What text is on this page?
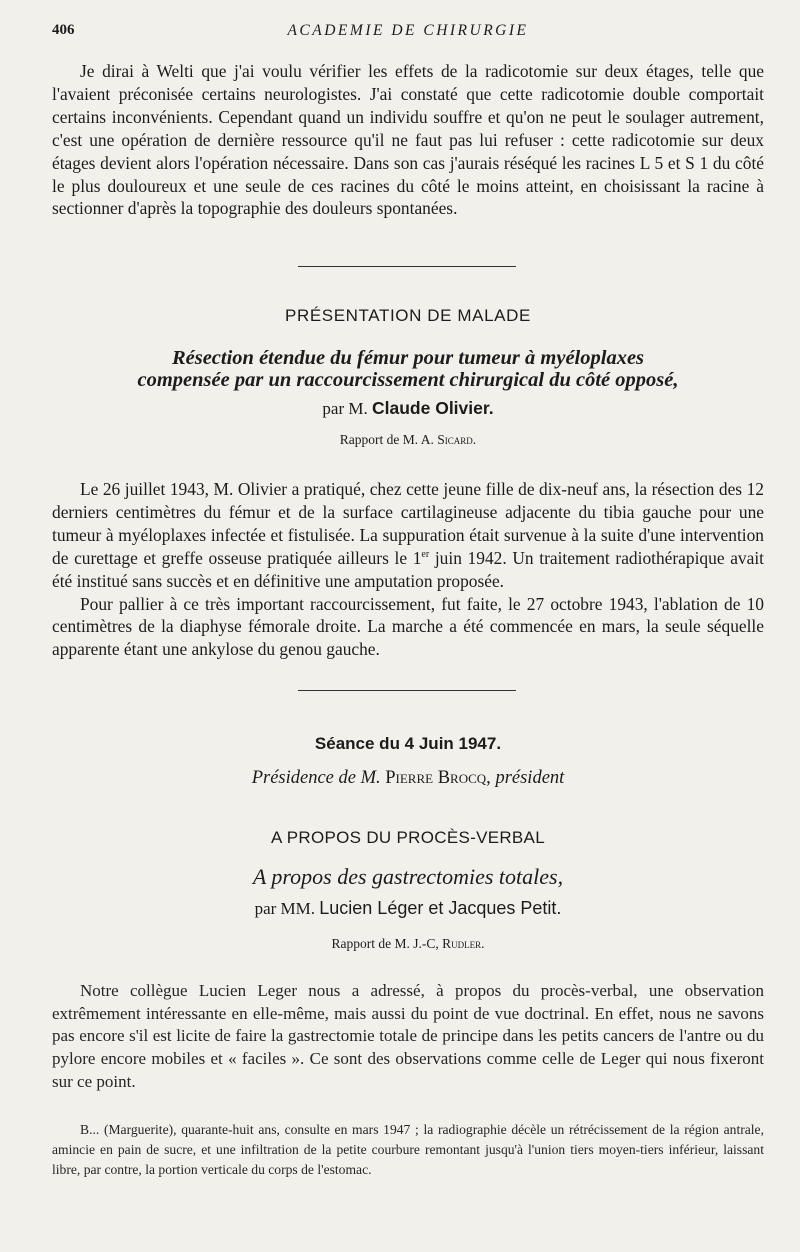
406	ACADEMIE DE CHIRURGIE

Je dirai à Welti que j'ai voulu vérifier les effets de la radicotomie sur deux étages, telle que l'avaient préconisée certains neurologistes. J'ai constaté que cette radicotomie double comportait certains inconvénients. Cependant quand un individu souffre et qu'on ne peut le soulager autrement, c'est une opération de dernière ressource qu'il ne faut pas lui refuser : cette radicotomie sur deux étages devient alors l'opération nécessaire. Dans son cas j'aurais réséqué les racines L 5 et S 1 du côté le plus douloureux et une seule de ces racines du côté le moins atteint, en choisissant la racine à sectionner d'après la topographie des douleurs spontanées.

PRÉSENTATION DE MALADE
Résection étendue du fémur pour tumeur à myéloplaxes
compensée par un raccourcissement chirurgical du côté opposé,
par M. Claude Olivier.
Rapport de M. A. Sicard.

Le 26 juillet 1943, M. Olivier a pratiqué, chez cette jeune fille de dix-neuf ans, la résection des 12 derniers centimètres du fémur et de la surface cartilagineuse adjacente du tibia gauche pour une tumeur à myéloplaxes infectée et fistulisée. La suppuration était survenue à la suite d'une intervention de curettage et greffe osseuse pratiquée ailleurs le 1er juin 1942. Un traitement radiothérapique avait été institué sans succès et en définitive une amputation proposée.

Pour pallier à ce très important raccourcissement, fut faite, le 27 octobre 1943, l'ablation de 10 centimètres de la diaphyse fémorale droite. La marche a été commencée en mars, la seule séquelle apparente étant une ankylose du genou gauche.

Séance du 4 Juin 1947.
Présidence de M. Pierre Brocq, président
A PROPOS DU PROCÈS-VERBAL
A propos des gastrectomies totales,
par MM. Lucien Léger et Jacques Petit.
Rapport de M. J.-C, Rudler.

Notre collègue Lucien Leger nous a adressé, à propos du procès-verbal, une observation extrêmement intéressante en elle-même, mais aussi du point de vue doctrinal. En effet, nous ne savons pas encore s'il est licite de faire la gastrectomie totale de principe dans les petits cancers de l'antre ou du pylore encore mobiles et « faciles ». Ce sont des observations comme celle de Leger qui nous fixeront sur ce point.

B... (Marguerite), quarante-huit ans, consulte en mars 1947 ; la radiographie décèle un rétrécissement de la région antrale, amincie en pain de sucre, et une infiltration de la petite courbure remontant jusqu'à l'union tiers moyen-tiers inférieur, laissant libre, par contre, la portion verticale du corps de l'estomac.
